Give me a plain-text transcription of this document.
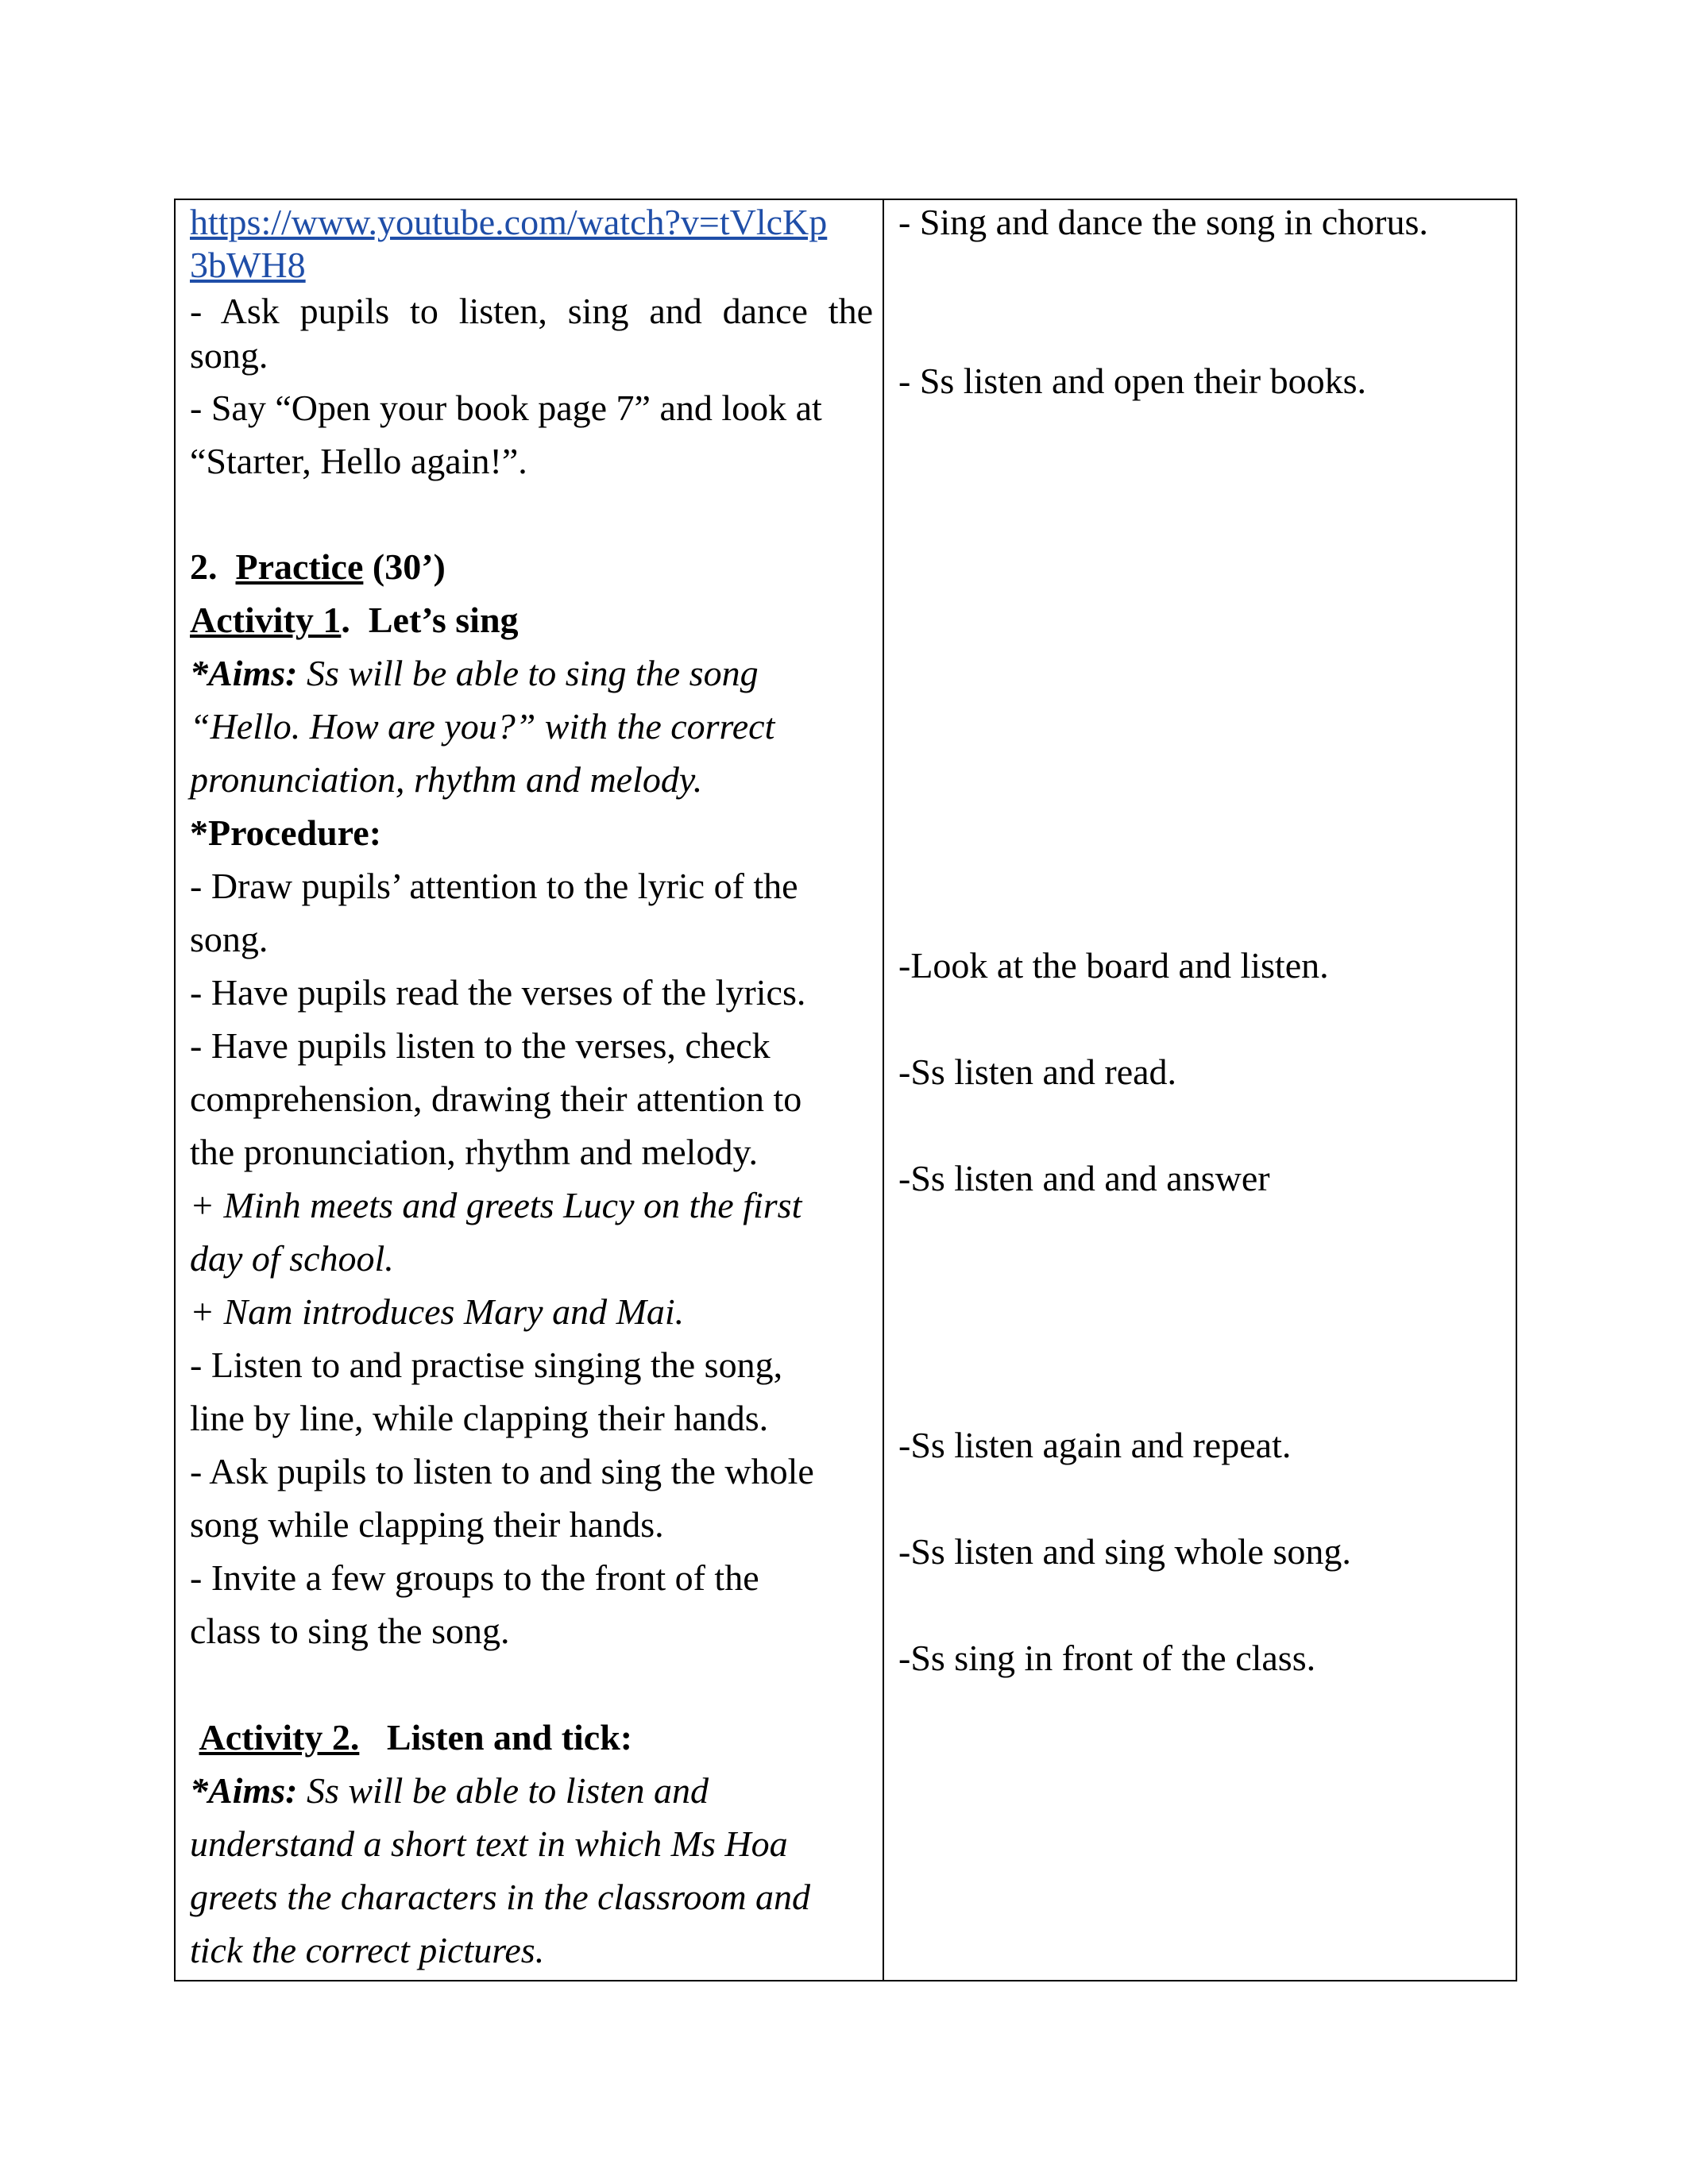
https://www.youtube.com/watch?v=tVlcKp
3bWH8
- Ask pupils to listen, sing and dance the
song.
- Say “Open your book page 7” and look at
“Starter, Hello again!”.
2. Practice (30’)
Activity 1. Let’s sing
*Aims: Ss will be able to sing the song
“Hello. How are you?” with the correct
pronunciation, rhythm and melody.
*Procedure:
- Draw pupils’ attention to the lyric of the
song.
- Have pupils read the verses of the lyrics.
- Have pupils listen to the verses, check
comprehension, drawing their attention to
the pronunciation, rhythm and melody.
+ Minh meets and greets Lucy on the first
day of school.
+ Nam introduces Mary and Mai.
- Listen to and practise singing the song,
line by line, while clapping their hands.
- Ask pupils to listen to and sing the whole
song while clapping their hands.
- Invite a few groups to the front of the
class to sing the song.
Activity 2. Listen and tick:
*Aims: Ss will be able to listen and
understand a short text in which Ms Hoa
greets the characters in the classroom and
tick the correct pictures.
- Sing and dance the song in chorus.
- Ss listen and open their books.
-Look at the board and listen.
-Ss listen and read.
-Ss listen and and answer
-Ss listen again and repeat.
-Ss listen and sing whole song.
-Ss sing in front of the class.
